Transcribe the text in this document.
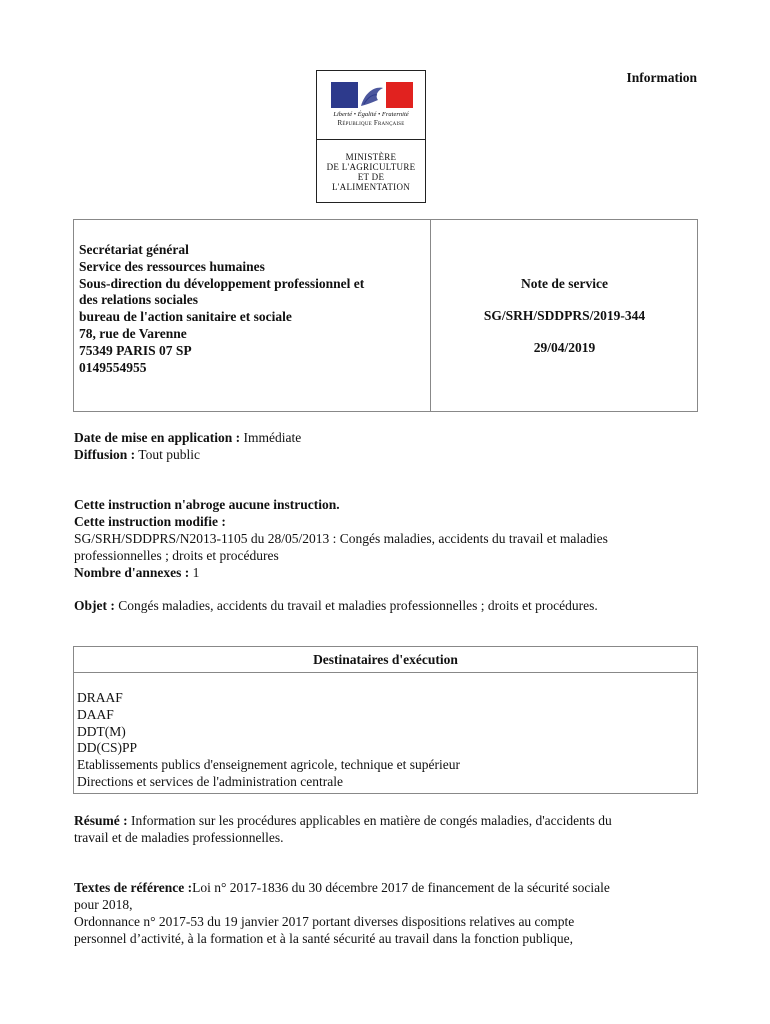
Information
Liberté • Égalité • Fraternité
République Française
MINISTÈRE
DE L'AGRICULTURE
ET DE
L'ALIMENTATION
Secrétariat général
Service des ressources humaines
Sous-direction du développement professionnel et
des relations sociales
bureau de l'action sanitaire et sociale
78, rue de Varenne
75349 PARIS 07 SP
0149554955
Note de service
SG/SRH/SDDPRS/2019-344
29/04/2019
Date de mise en application : Immédiate
Diffusion : Tout public
Cette instruction n'abroge aucune instruction.
Cette instruction modifie :
SG/SRH/SDDPRS/N2013-1105 du 28/05/2013 : Congés maladies, accidents du travail et maladies
professionnelles ; droits et procédures
Nombre d'annexes : 1
Objet : Congés maladies, accidents du travail et maladies professionnelles ; droits et procédures.
Destinataires d'exécution
DRAAF
DAAF
DDT(M)
DD(CS)PP
Etablissements publics d'enseignement agricole, technique et supérieur
Directions et services de l'administration centrale
Résumé : Information sur les procédures applicables en matière de congés maladies, d'accidents du
travail et de maladies professionnelles.
Textes de référence :Loi n° 2017-1836 du 30 décembre 2017 de financement de la sécurité sociale
pour 2018,
Ordonnance n° 2017-53 du 19 janvier 2017 portant diverses dispositions relatives au compte
personnel d’activité, à la formation et à la santé sécurité au travail dans la fonction publique,
